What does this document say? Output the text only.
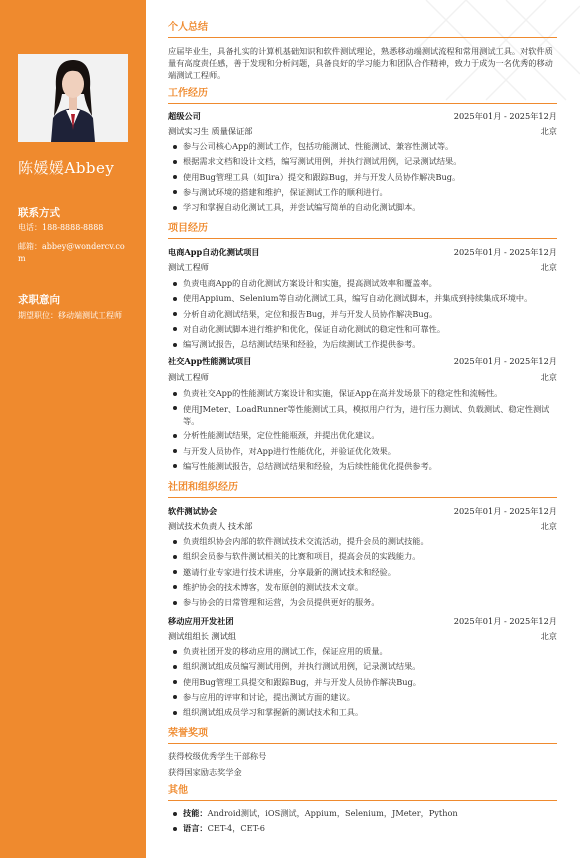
陈媛媛Abbey
联系方式
电话：188-8888-8888
邮箱：abbey@wondercv.com
求职意向
期望职位：移动端测试工程师
个人总结
应届毕业生，具备扎实的计算机基础知识和软件测试理论，熟悉移动端测试流程和常用测试工具。对软件质量有高度责任感，善于发现和分析问题，具备良好的学习能力和团队合作精神，致力于成为一名优秀的移动端测试工程师。
工作经历
超级公司	2025年01月 - 2025年12月
测试实习生 质量保证部	北京
参与公司核心App的测试工作，包括功能测试、性能测试、兼容性测试等。
根据需求文档和设计文档，编写测试用例，并执行测试用例，记录测试结果。
使用Bug管理工具（如Jira）提交和跟踪Bug，并与开发人员协作解决Bug。
参与测试环境的搭建和维护，保证测试工作的顺利进行。
学习和掌握自动化测试工具，并尝试编写简单的自动化测试脚本。
项目经历
电商App自动化测试项目	2025年01月 - 2025年12月
测试工程师	北京
负责电商App的自动化测试方案设计和实施，提高测试效率和覆盖率。
使用Appium、Selenium等自动化测试工具，编写自动化测试脚本，并集成到持续集成环境中。
分析自动化测试结果，定位和报告Bug，并与开发人员协作解决Bug。
对自动化测试脚本进行维护和优化，保证自动化测试的稳定性和可靠性。
编写测试报告，总结测试结果和经验，为后续测试工作提供参考。
社交App性能测试项目	2025年01月 - 2025年12月
测试工程师	北京
负责社交App的性能测试方案设计和实施，保证App在高并发场景下的稳定性和流畅性。
使用JMeter、LoadRunner等性能测试工具，模拟用户行为，进行压力测试、负载测试、稳定性测试等。
分析性能测试结果，定位性能瓶颈，并提出优化建议。
与开发人员协作，对App进行性能优化，并验证优化效果。
编写性能测试报告，总结测试结果和经验，为后续性能优化提供参考。
社团和组织经历
软件测试协会	2025年01月 - 2025年12月
测试技术负责人 技术部	北京
负责组织协会内部的软件测试技术交流活动，提升会员的测试技能。
组织会员参与软件测试相关的比赛和项目，提高会员的实践能力。
邀请行业专家进行技术讲座，分享最新的测试技术和经验。
维护协会的技术博客，发布原创的测试技术文章。
参与协会的日常管理和运营，为会员提供更好的服务。
移动应用开发社团	2025年01月 - 2025年12月
测试组组长 测试组	北京
负责社团开发的移动应用的测试工作，保证应用的质量。
组织测试组成员编写测试用例，并执行测试用例，记录测试结果。
使用Bug管理工具提交和跟踪Bug，并与开发人员协作解决Bug。
参与应用的评审和讨论，提出测试方面的建议。
组织测试组成员学习和掌握新的测试技术和工具。
荣誉奖项
获得校级优秀学生干部称号
获得国家励志奖学金
其他
技能：Android测试，iOS测试，Appium，Selenium，JMeter，Python
语言：CET-4，CET-6
